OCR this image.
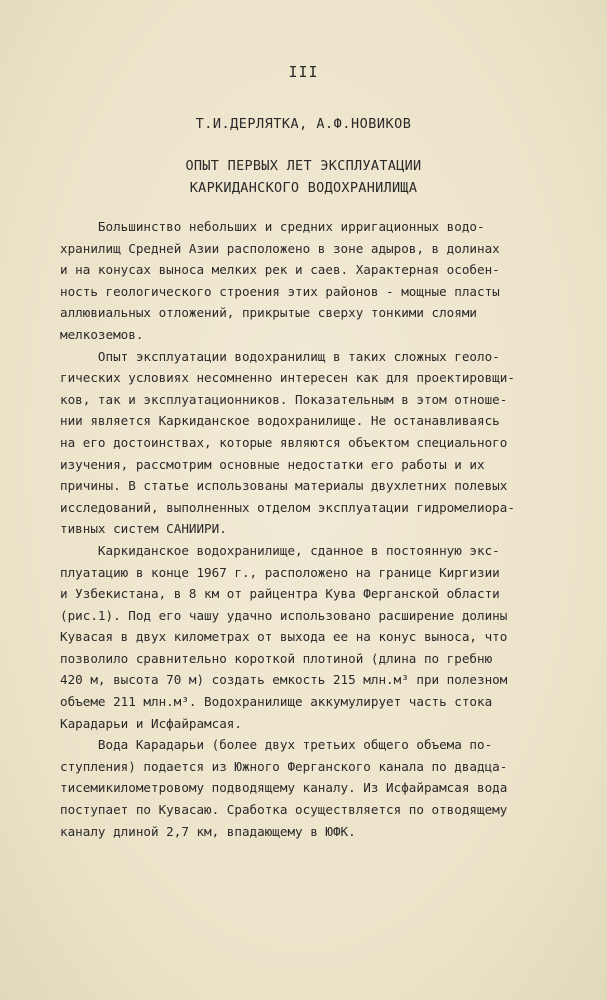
III
Т.И.ДЕРЛЯТКА, А.Ф.НОВИКОВ
ОПЫТ ПЕРВЫХ ЛЕТ ЭКСПЛУАТАЦИИ
КАРКИДАНСКОГО ВОДОХРАНИЛИЩА
Большинство небольших и средних ирригационных водо-
хранилищ Средней Азии расположено в зоне адыров, в долинах
и на конусах выноса мелких рек и саев. Характерная особен-
ность геологического строения этих районов - мощные пласты
аллювиальных отложений, прикрытые сверху тонкими слоями
мелкоземов.
Опыт эксплуатации водохранилищ в таких сложных геоло-
гических условиях несомненно интересен как для проектировщи-
ков, так и эксплуатационников. Показательным в этом отноше-
нии является Каркиданское водохранилище. Не останавливаясь
на его достоинствах, которые являются объектом специального
изучения, рассмотрим основные недостатки его работы и их
причины. В статье использованы материалы двухлетних полевых
исследований, выполненных отделом эксплуатации гидромелиора-
тивных систем САНИИРИ.
Каркиданское водохранилище, сданное в постоянную экс-
плуатацию в конце 1967 г., расположено на границе Киргизии
и Узбекистана, в 8 км от райцентра Кува Ферганской области
(рис.1). Под его чашу удачно использовано расширение долины
Кувасая в двух километрах от выхода ее на конус выноса, что
позволило сравнительно короткой плотиной (длина по гребню
420 м, высота 70 м) создать емкость 215 млн.м³ при полезном
объеме 211 млн.м³. Водохранилище аккумулирует часть стока
Карадарьи и Исфайрамсая.
Вода Карадарьи (более двух третьих общего объема по-
ступления) подается из Южного Ферганского канала по двадца-
тисемикилометровому подводящему каналу. Из Исфайрамсая вода
поступает по Кувасаю. Сработка осуществляется по отводящему
каналу длиной 2,7 км, впадающему в ЮФК.
